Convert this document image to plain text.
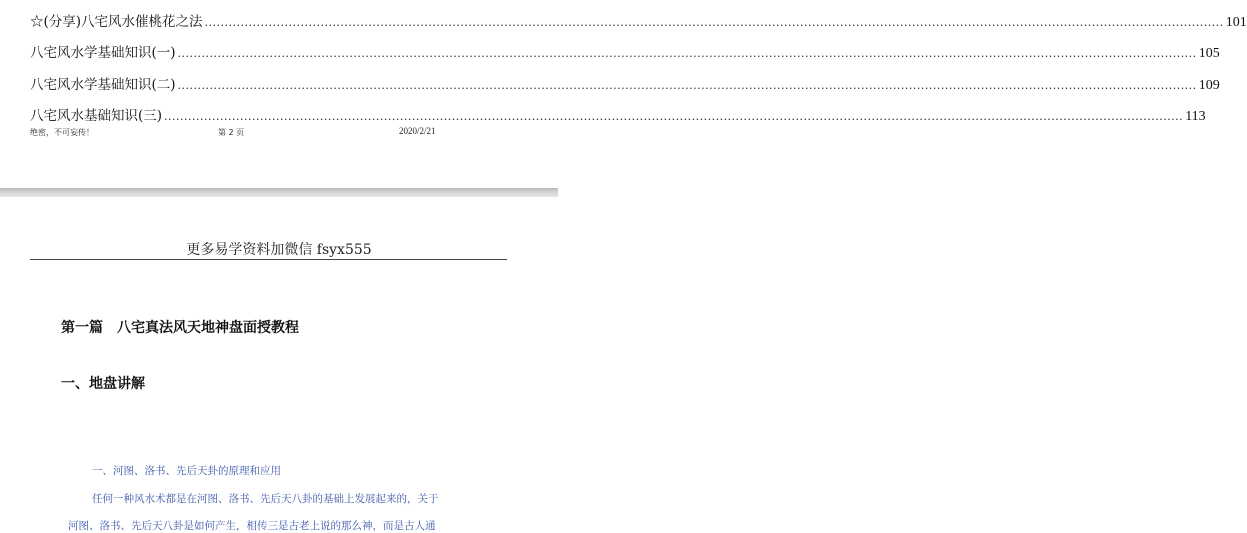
☆(分享)八宅风水催桃花之法 .....	101
八宅风水学基础知识(一) .....	105
八宅风水学基础知识(二) .....	109
八宅风水基础知识(三) .....	113
绝密，不可妄传！	第 2 页	2020/2/21
更多易学资料加微信 fsyx555
第一篇　八宅真法风天地神盘面授教程
一、地盘讲解
一、河图、洛书、先后天卦的原理和应用
任何一种风水术都是在河图、洛书、先后天八卦的基础上发展起来的，关于
河图、洛书、先后天八卦是如何产生，相传三是古老上说的那么神，而是古人通
